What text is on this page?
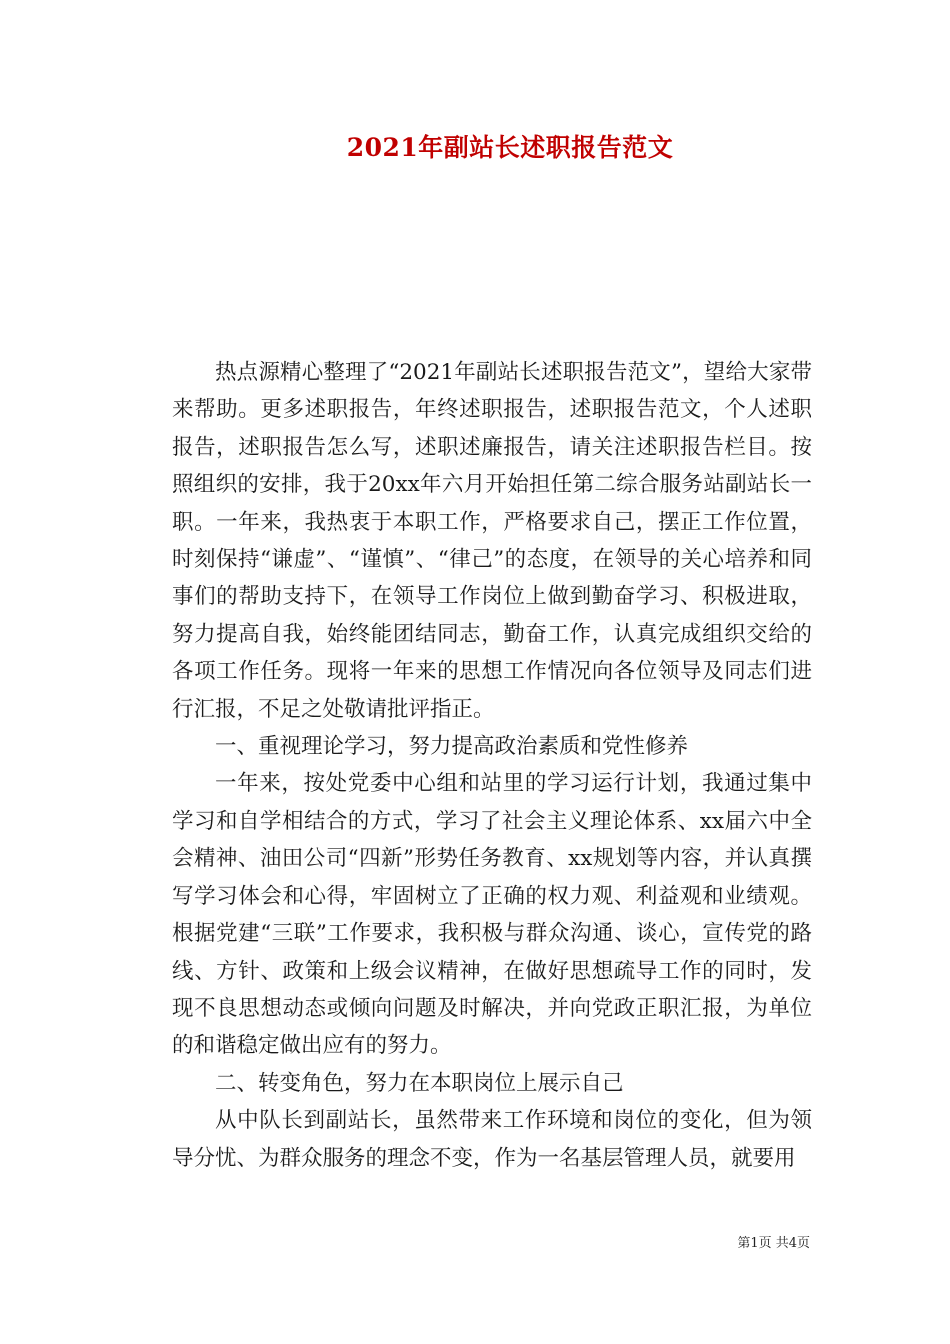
2021年副站长述职报告范文

热点源精心整理了“2021年副站长述职报告范文”，望给大家带来帮助。更多述职报告，年终述职报告，述职报告范文，个人述职报告，述职报告怎么写，述职述廉报告，请关注述职报告栏目。按照组织的安排，我于20xx年六月开始担任第二综合服务站副站长一职。一年来，我热衷于本职工作，严格要求自己，摆正工作位置，时刻保持“谦虚”、“谨慎”、“律己”的态度，在领导的关心培养和同事们的帮助支持下，在领导工作岗位上做到勤奋学习、积极进取，努力提高自我，始终能团结同志，勤奋工作，认真完成组织交给的各项工作任务。现将一年来的思想工作情况向各位领导及同志们进行汇报，不足之处敬请批评指正。

一、重视理论学习，努力提高政治素质和党性修养

一年来，按处党委中心组和站里的学习运行计划，我通过集中学习和自学相结合的方式，学习了社会主义理论体系、xx届六中全会精神、油田公司“四新”形势任务教育、xx规划等内容，并认真撰写学习体会和心得，牢固树立了正确的权力观、利益观和业绩观。根据党建“三联”工作要求，我积极与群众沟通、谈心，宣传党的路线、方针、政策和上级会议精神，在做好思想疏导工作的同时，发现不良思想动态或倾向问题及时解决，并向党政正职汇报，为单位的和谐稳定做出应有的努力。

二、转变角色，努力在本职岗位上展示自己

从中队长到副站长，虽然带来工作环境和岗位的变化，但为领导分忧、为群众服务的理念不变，作为一名基层管理人员，就要用

第1页 共4页
